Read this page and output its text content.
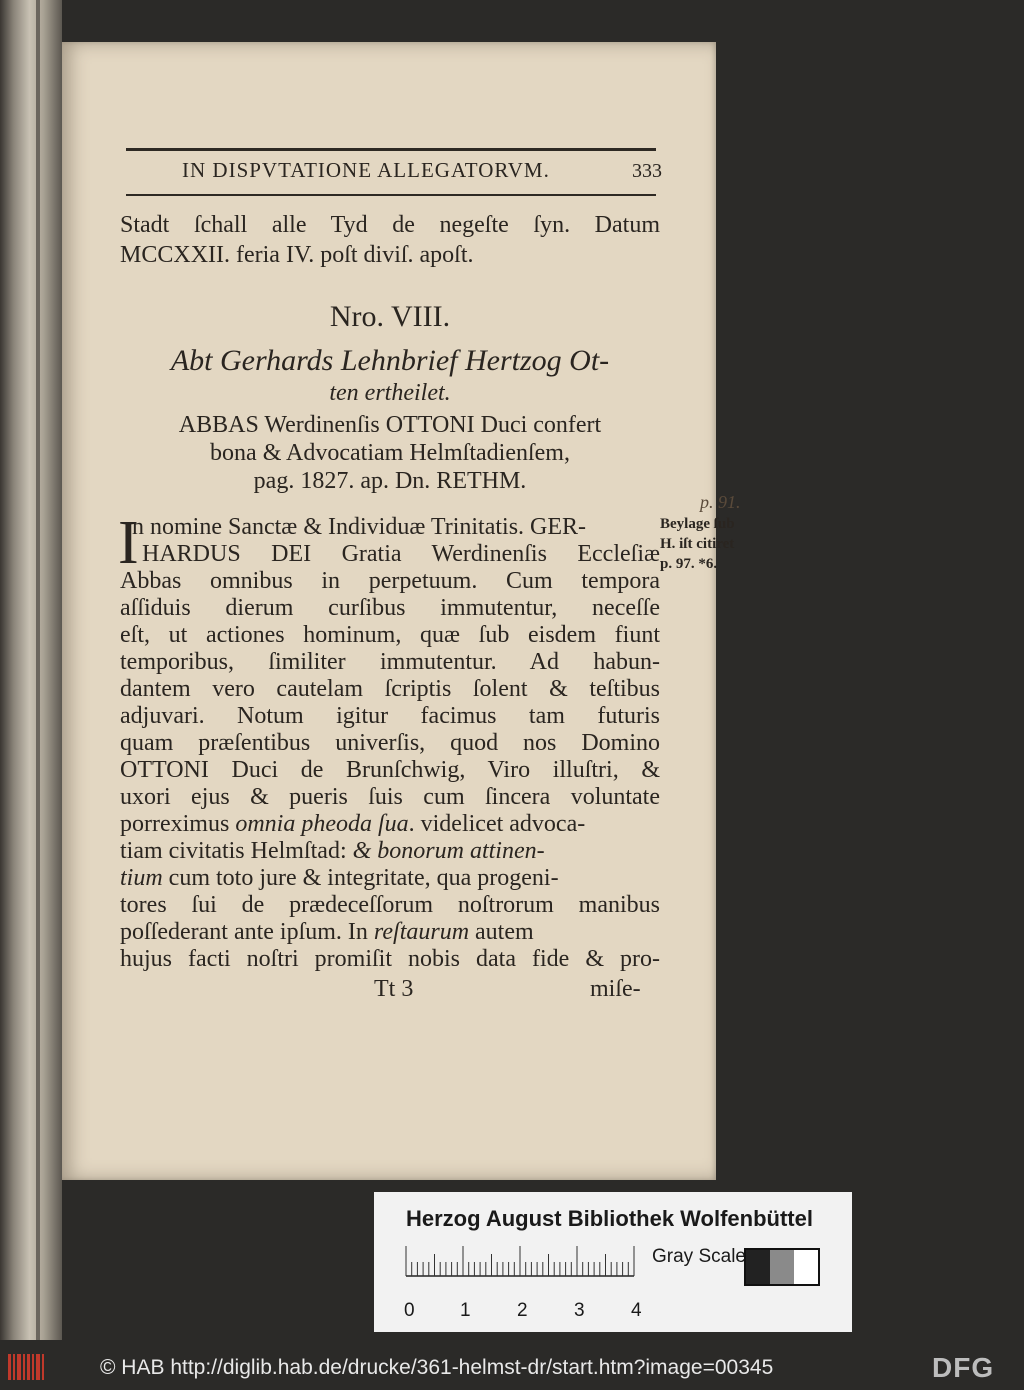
IN DISPVTATIONE ALLEGATORVM.	333
Stadt ſchall alle Tyd de negeſte ſyn. Datum
MCCXXII. feria IV. poſt diviſ. apoſt.
Nro. VIII.
Abt Gerhards Lehnbrief Hertzog Ot-
ten ertheilet.
ABBAS Werdinenſis OTTONI Duci confert
bona & Advocatiam Helmſtadienſem,
pag. 1827. ap. Dn. RETHM.
I
n nomine Sanctæ & Individuæ Trinitatis. GER-
HARDUS DEI Gratia Werdinenſis Eccleſiæ
Abbas omnibus in perpetuum. Cum tempora
aſſiduis dierum curſibus immutentur, neceſſe
eſt, ut actiones hominum, quæ ſub eisdem fiunt
temporibus, ſimiliter immutentur. Ad habun-
dantem vero cautelam ſcriptis ſolent & teſtibus
adjuvari. Notum igitur facimus tam futuris
quam præſentibus univerſis, quod nos Domino
OTTONI Duci de Brunſchwig, Viro illuſtri, &
uxori ejus & pueris ſuis cum ſincera voluntate
porreximus omnia pheoda ſua. videlicet advoca-
tiam civitatis Helmſtad: & bonorum attinen-
tium cum toto jure & integritate, qua progeni-
tores ſui de prædeceſſorum noſtrorum manibus
poſſederant ante ipſum. In reſtaurum autem
hujus facti noſtri promiſit nobis data fide & pro-
Tt 3	miſe-
Beylage ſub
H. iſt citiret
p. 97. *6.
p. 91.
Herzog August Bibliothek Wolfenbüttel
0 1 2 3 4
Gray Scale
© HAB http://diglib.hab.de/drucke/361-helmst-dr/start.htm?image=00345	DFG
